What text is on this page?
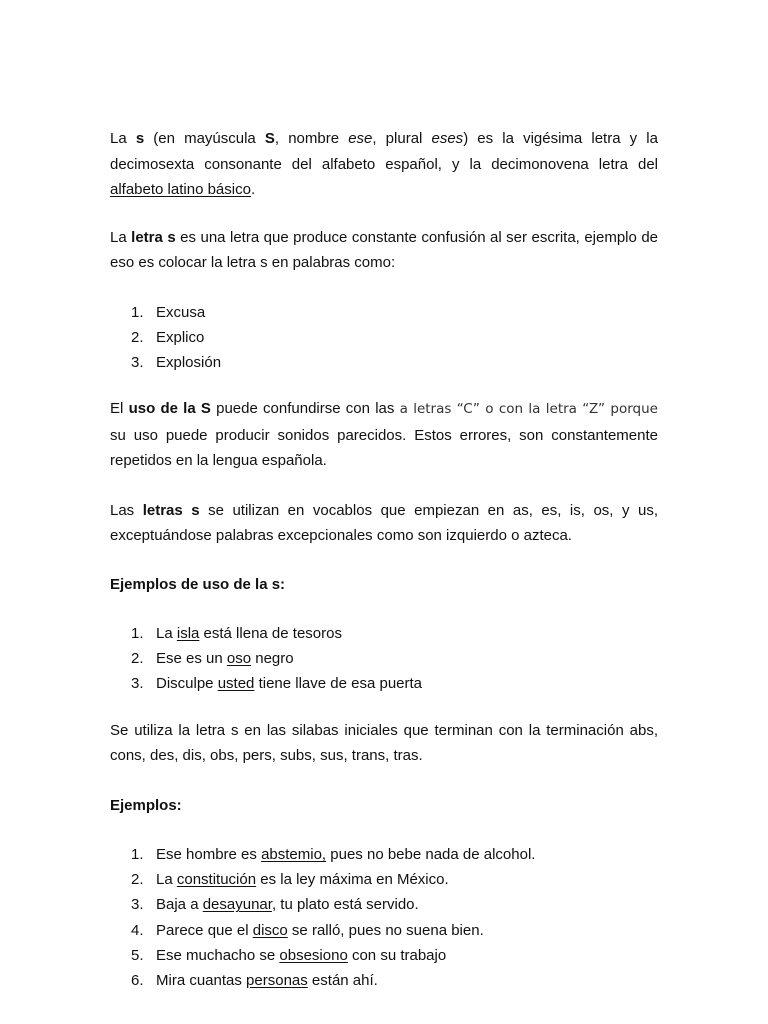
La s (en mayúscula S, nombre ese, plural eses) es la vigésima letra y la decimosexta consonante del alfabeto español, y la decimonovena letra del alfabeto latino básico.

La letra s es una letra que produce constante confusión al ser escrita, ejemplo de eso es colocar la letra s en palabras como:

1. Excusa
2. Explico
3. Explosión

El uso de la S puede confundirse con las a letras “C” o con la letra “Z” porque su uso puede producir sonidos parecidos. Estos errores, son constantemente repetidos en la lengua española.

Las letras s se utilizan en vocablos que empiezan en as, es, is, os, y us, exceptuándose palabras excepcionales como son izquierdo o azteca.

Ejemplos de uso de la s:

1. La isla está llena de tesoros
2. Ese es un oso negro
3. Disculpe usted tiene llave de esa puerta

Se utiliza la letra s en las silabas iniciales que terminan con la terminación abs, cons, des, dis, obs, pers, subs, sus, trans, tras.

Ejemplos:

1. Ese hombre es abstemio, pues no bebe nada de alcohol.
2. La constitución es la ley máxima en México.
3. Baja a desayunar, tu plato está servido.
4. Parece que el disco se ralló, pues no suena bien.
5. Ese muchacho se obsesiono con su trabajo
6. Mira cuantas personas están ahí.
